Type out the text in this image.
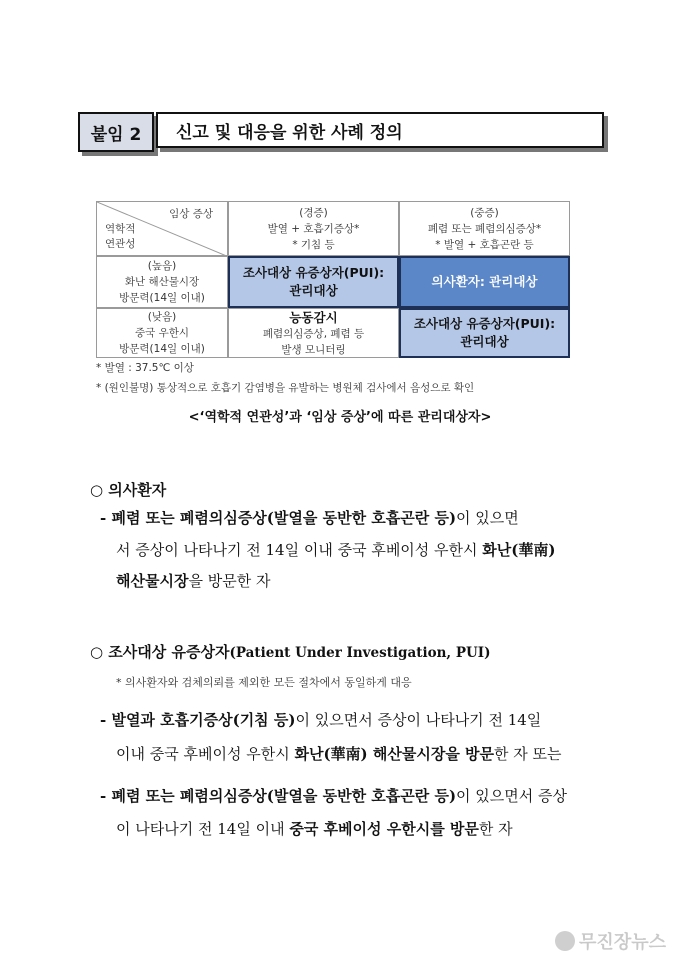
붙임 2 신고 및 대응을 위한 사례 정의
임상 증상
역학적
연관성
(경증)
발열 + 호흡기증상*
* 기침 등
(중증)
폐렴 또는 폐렴의심증상*
* 발열 + 호흡곤란 등
(높음)
화난 해산물시장
방문력(14일 이내)
(낮음)
중국 우한시
방문력(14일 이내)
조사대상 유증상자(PUI):
관리대상
의사환자: 관리대상
능동감시
폐렴의심증상, 폐렴 등
발생 모니터링
조사대상 유증상자(PUI):
관리대상
* 발열 : 37.5℃ 이상
* (원인불명) 통상적으로 호흡기 감염병을 유발하는 병원체 검사에서 음성으로 확인
<‘역학적 연관성’과 ‘임상 증상’에 따른 관리대상자>
○ 의사환자
- 폐렴 또는 폐렴의심증상(발열을 동반한 호흡곤란 등)이 있으면
서 증상이 나타나기 전 14일 이내 중국 후베이성 우한시 화난(華南)
해산물시장을 방문한 자
○ 조사대상 유증상자(Patient Under Investigation, PUI)
* 의사환자와 검체의뢰를 제외한 모든 절차에서 동일하게 대응
- 발열과 호흡기증상(기침 등)이 있으면서 증상이 나타나기 전 14일
이내 중국 후베이성 우한시 화난(華南) 해산물시장을 방문한 자 또는
- 폐렴 또는 폐렴의심증상(발열을 동반한 호흡곤란 등)이 있으면서 증상
이 나타나기 전 14일 이내 중국 후베이성 우한시를 방문한 자
무진장뉴스
